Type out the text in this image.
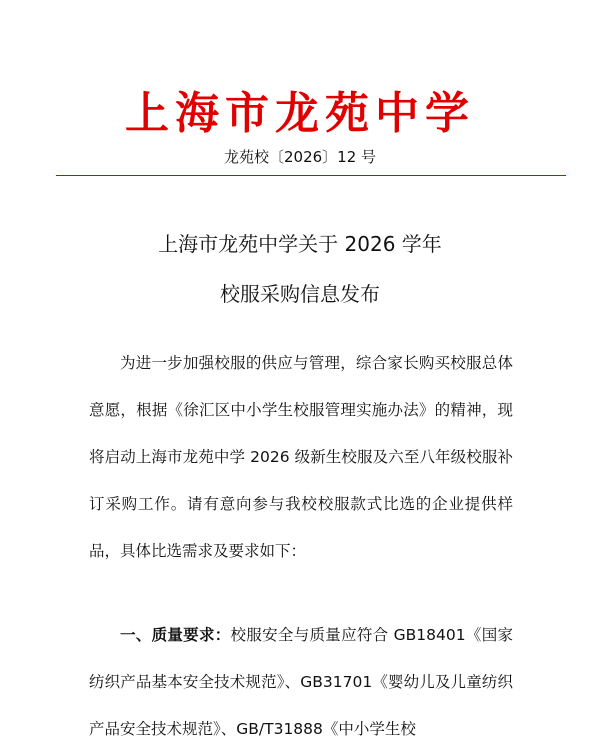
上海市龙苑中学
龙苑校〔2026〕12 号
上海市龙苑中学关于 2026 学年
校服采购信息发布
为进一步加强校服的供应与管理，综合家长购买校服总体意愿，根据《徐汇区中小学生校服管理实施办法》的精神，现将启动上海市龙苑中学 2026 级新生校服及六至八年级校服补订采购工作。请有意向参与我校校服款式比选的企业提供样品，具体比选需求及要求如下：
一、质量要求：校服安全与质量应符合 GB18401《国家纺织产品基本安全技术规范》、GB31701《婴幼儿及儿童纺织产品安全技术规范》、GB/T31888《中小学生校
